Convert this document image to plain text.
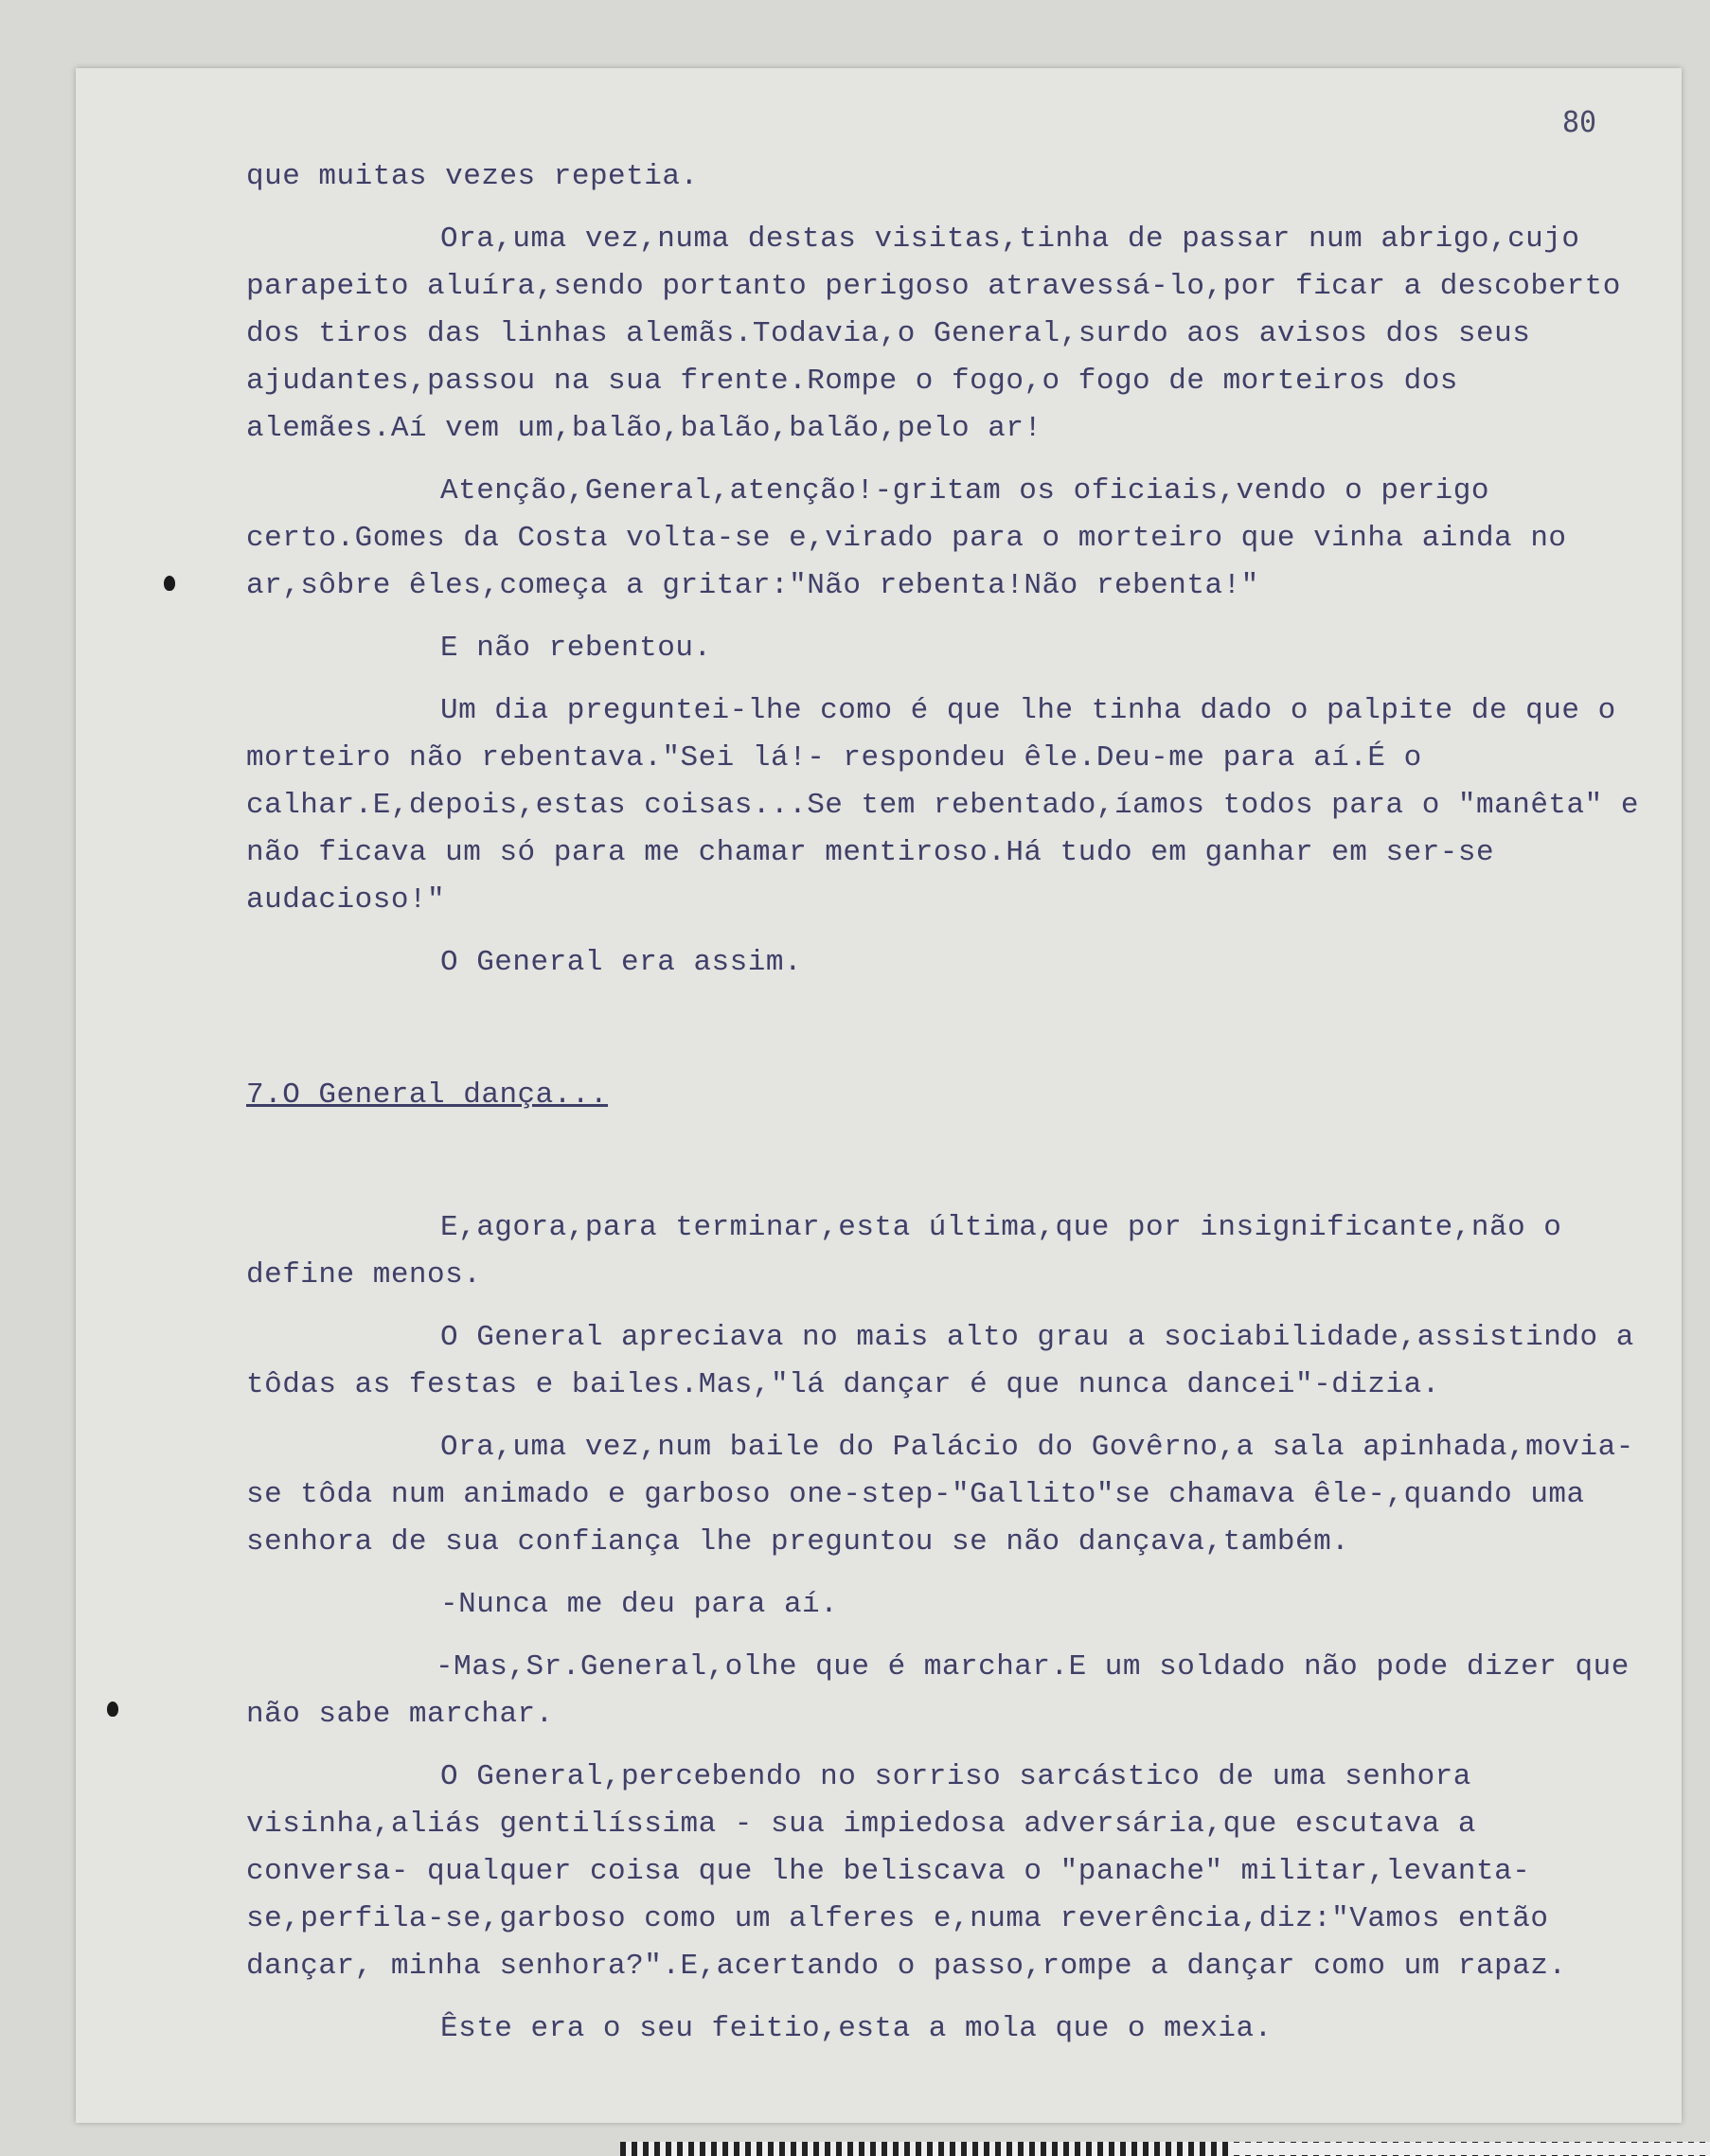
80

que muitas vezes repetia.

Ora,uma vez,numa destas visitas,tinha de passar num abrigo,cujo parapeito aluíra,sendo portanto perigoso atravessá-lo,por ficar a descoberto dos tiros das linhas alemãs.Todavia,o General,surdo aos avisos dos seus ajudantes,passou na sua frente.Rompe o fogo,o fogo de morteiros dos alemães.Aí vem um,balão,balão,balão,pelo ar!

Atenção,General,atenção!-gritam os oficiais,vendo o perigo certo.Gomes da Costa volta-se e,virado para o morteiro que vinha ainda no ar,sôbre êles,começa a gritar:"Não rebenta!Não rebenta!"

E não rebentou.

Um dia preguntei-lhe como é que lhe tinha dado o palpite de que o morteiro não rebentava."Sei lá!- respondeu êle.Deu-me para aí.É o calhar.E,depois,estas coisas...Se tem rebentado,íamos todos para o "manêta" e não ficava um só para me chamar mentiroso.Há tudo em ganhar em ser-se audacioso!"

O General era assim.

7.O General dança...

E,agora,para terminar,esta última,que por insignificante,não o define menos.

O General apreciava no mais alto grau a sociabilidade,assistindo a tôdas as festas e bailes.Mas,"lá dançar é que nunca dancei"-dizia.

Ora,uma vez,num baile do Palácio do Govêrno,a sala apinhada,movia-se tôda num animado e garboso one-step-"Gallito"se chamava êle-,quando uma senhora de sua confiança lhe preguntou se não dançava,também.

-Nunca me deu para aí.

-Mas,Sr.General,olhe que é marchar.E um soldado não pode dizer que não sabe marchar.

O General,percebendo no sorriso sarcástico de uma senhora visinha,aliás gentilíssima - sua impiedosa adversária,que escutava a conversa- qualquer coisa que lhe beliscava o "panache" militar,levanta-se,perfila-se,garboso como um alferes e,numa reverência,diz:"Vamos então dançar, minha senhora?".E,acertando o passo,rompe a dançar como um rapaz.

Êste era o seu feitio,esta a mola que o mexia.
